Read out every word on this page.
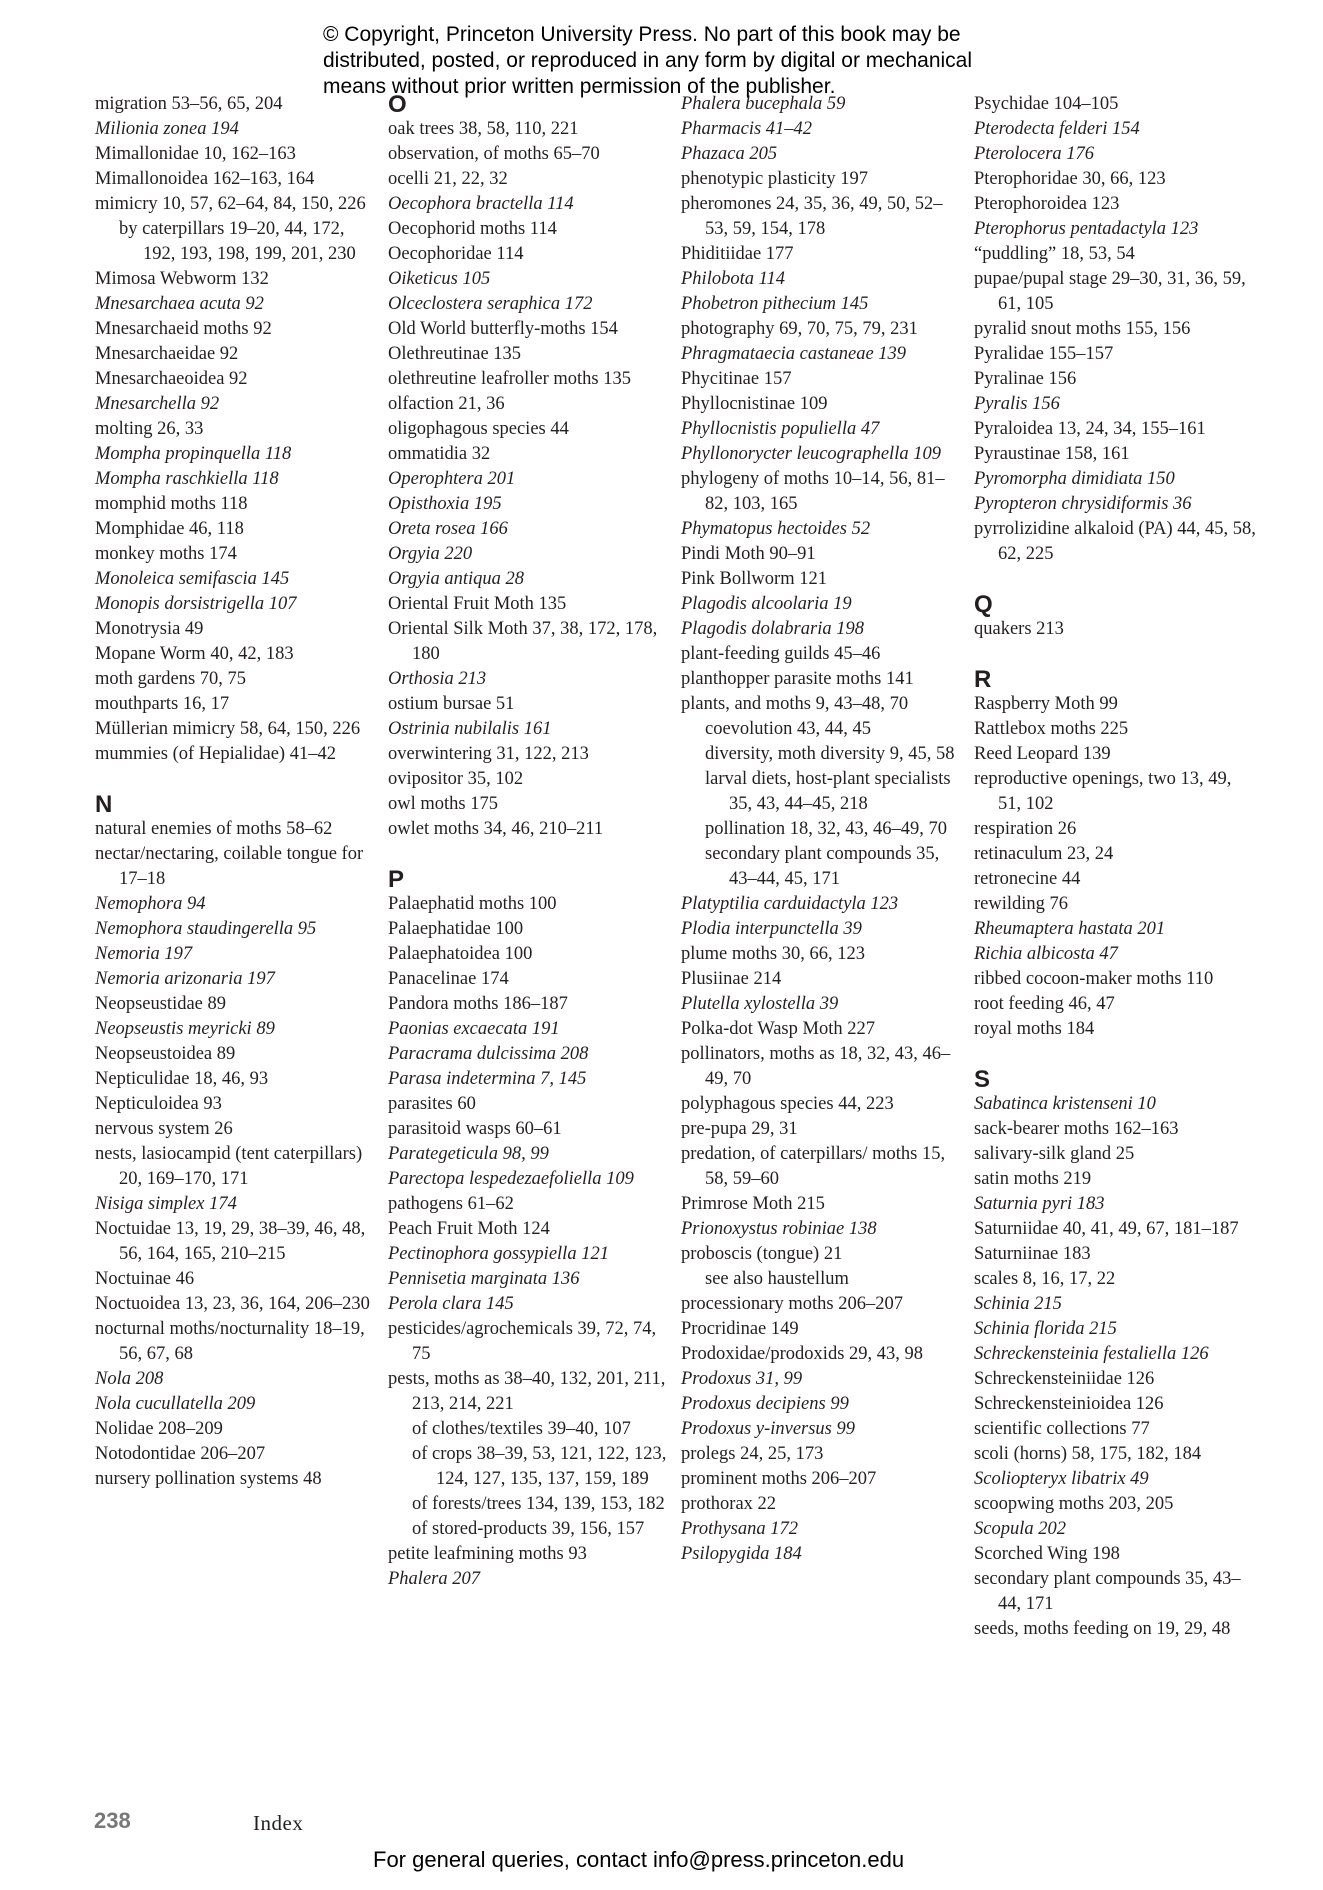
© Copyright, Princeton University Press. No part of this book may be distributed, posted, or reproduced in any form by digital or mechanical means without prior written permission of the publisher.
migration 53–56, 65, 204
Milionia zonea 194
Mimallonidae 10, 162–163
Mimallonoidea 162–163, 164
mimicry 10, 57, 62–64, 84, 150, 226
by caterpillars 19–20, 44, 172, 192, 193, 198, 199, 201, 230
Mimosa Webworm 132
Mnesarchaea acuta 92
Mnesarchaeid moths 92
Mnesarchaeidae 92
Mnesarchaeoidea 92
Mnesarchella 92
molting 26, 33
Mompha propinquella 118
Mompha raschkiella 118
momphid moths 118
Momphidae 46, 118
monkey moths 174
Monoleica semifascia 145
Monopis dorsistrigella 107
Monotrysia 49
Mopane Worm 40, 42, 183
moth gardens 70, 75
mouthparts 16, 17
Müllerian mimicry 58, 64, 150, 226
mummies (of Hepialidae) 41–42
N
natural enemies of moths 58–62
nectar/nectaring, coilable tongue for 17–18
Nemophora 94
Nemophora staudingerella 95
Nemoria 197
Nemoria arizonaria 197
Neopseustidae 89
Neopseustis meyricki 89
Neopseustoidea 89
Nepticulidae 18, 46, 93
Nepticuloidea 93
nervous system 26
nests, lasiocampid (tent caterpillars) 20, 169–170, 171
Nisiga simplex 174
Noctuidae 13, 19, 29, 38–39, 46, 48, 56, 164, 165, 210–215
Noctuinae 46
Noctuoidea 13, 23, 36, 164, 206–230
nocturnal moths/nocturnality 18–19, 56, 67, 68
Nola 208
Nola cucullatella 209
Nolidae 208–209
Notodontidae 206–207
nursery pollination systems 48
O
oak trees 38, 58, 110, 221
observation, of moths 65–70
ocelli 21, 22, 32
Oecophora bractella 114
Oecophorid moths 114
Oecophoridae 114
Oiketicus 105
Olceclostera seraphica 172
Old World butterfly-moths 154
Olethreutinae 135
olethreutine leafroller moths 135
olfaction 21, 36
oligophagous species 44
ommatidia 32
Operophtera 201
Opisthoxia 195
Oreta rosea 166
Orgyia 220
Orgyia antiqua 28
Oriental Fruit Moth 135
Oriental Silk Moth 37, 38, 172, 178, 180
Orthosia 213
ostium bursae 51
Ostrinia nubilalis 161
overwintering 31, 122, 213
ovipositor 35, 102
owl moths 175
owlet moths 34, 46, 210–211
P
Palaephatid moths 100
Palaephatidae 100
Palaephatoidea 100
Panacelinae 174
Pandora moths 186–187
Paonias excaecata 191
Paracrama dulcissima 208
Parasa indetermina 7, 145
parasites 60
parasitoid wasps 60–61
Parategeticula 98, 99
Parectopa lespedezaefoliella 109
pathogens 61–62
Peach Fruit Moth 124
Pectinophora gossypiella 121
Pennisetia marginata 136
Perola clara 145
pesticides/agrochemicals 39, 72, 74, 75
pests, moths as 38–40, 132, 201, 211, 213, 214, 221
of clothes/textiles 39–40, 107
of crops 38–39, 53, 121, 122, 123, 124, 127, 135, 137, 159, 189
of forests/trees 134, 139, 153, 182
of stored-products 39, 156, 157
petite leafmining moths 93
Phalera 207
Phalera bucephala 59
Pharmacis 41–42
Phazaca 205
phenotypic plasticity 197
pheromones 24, 35, 36, 49, 50, 52–53, 59, 154, 178
Phiditiidae 177
Philobota 114
Phobetron pithecium 145
photography 69, 70, 75, 79, 231
Phragmataecia castaneae 139
Phycitinae 157
Phyllocnistinae 109
Phyllocnistis populiella 47
Phyllonorycter leucographella 109
phylogeny of moths 10–14, 56, 81–82, 103, 165
Phymatopus hectoides 52
Pindi Moth 90–91
Pink Bollworm 121
Plagodis alcoolaria 19
Plagodis dolabraria 198
plant-feeding guilds 45–46
planthopper parasite moths 141
plants, and moths 9, 43–48, 70
coevolution 43, 44, 45
diversity, moth diversity 9, 45, 58
larval diets, host-plant specialists 35, 43, 44–45, 218
pollination 18, 32, 43, 46–49, 70
secondary plant compounds 35, 43–44, 45, 171
Platyptilia carduidactyla 123
Plodia interpunctella 39
plume moths 30, 66, 123
Plusiinae 214
Plutella xylostella 39
Polka-dot Wasp Moth 227
pollinators, moths as 18, 32, 43, 46–49, 70
polyphagous species 44, 223
pre-pupa 29, 31
predation, of caterpillars/ moths 15, 58, 59–60
Primrose Moth 215
Prionoxystus robiniae 138
proboscis (tongue) 21
see also haustellum
processionary moths 206–207
Procridinae 149
Prodoxidae/prodoxids 29, 43, 98
Prodoxus 31, 99
Prodoxus decipiens 99
Prodoxus y-inversus 99
prolegs 24, 25, 173
prominent moths 206–207
prothorax 22
Prothysana 172
Psilopygida 184
Psychidae 104–105
Pterodecta felderi 154
Pterolocera 176
Pterophoridae 30, 66, 123
Pterophoroidea 123
Pterophorus pentadactyla 123
“puddling” 18, 53, 54
pupae/pupal stage 29–30, 31, 36, 59, 61, 105
pyralid snout moths 155, 156
Pyralidae 155–157
Pyralinae 156
Pyralis 156
Pyraloidea 13, 24, 34, 155–161
Pyraustinae 158, 161
Pyromorpha dimidiata 150
Pyropteron chrysidiformis 36
pyrrolizidine alkaloid (PA) 44, 45, 58, 62, 225
Q
quakers 213
R
Raspberry Moth 99
Rattlebox moths 225
Reed Leopard 139
reproductive openings, two 13, 49, 51, 102
respiration 26
retinaculum 23, 24
retronecine 44
rewilding 76
Rheumaptera hastata 201
Richia albicosta 47
ribbed cocoon-maker moths 110
root feeding 46, 47
royal moths 184
S
Sabatinca kristenseni 10
sack-bearer moths 162–163
salivary-silk gland 25
satin moths 219
Saturnia pyri 183
Saturniidae 40, 41, 49, 67, 181–187
Saturniinae 183
scales 8, 16, 17, 22
Schinia 215
Schinia florida 215
Schreckensteinia festaliella 126
Schreckensteiniidae 126
Schreckensteinioidea 126
scientific collections 77
scoli (horns) 58, 175, 182, 184
Scoliopteryx libatrix 49
scoopwing moths 203, 205
Scopula 202
Scorched Wing 198
secondary plant compounds 35, 43–44, 171
seeds, moths feeding on 19, 29, 48
238	Index
For general queries, contact info@press.princeton.edu
